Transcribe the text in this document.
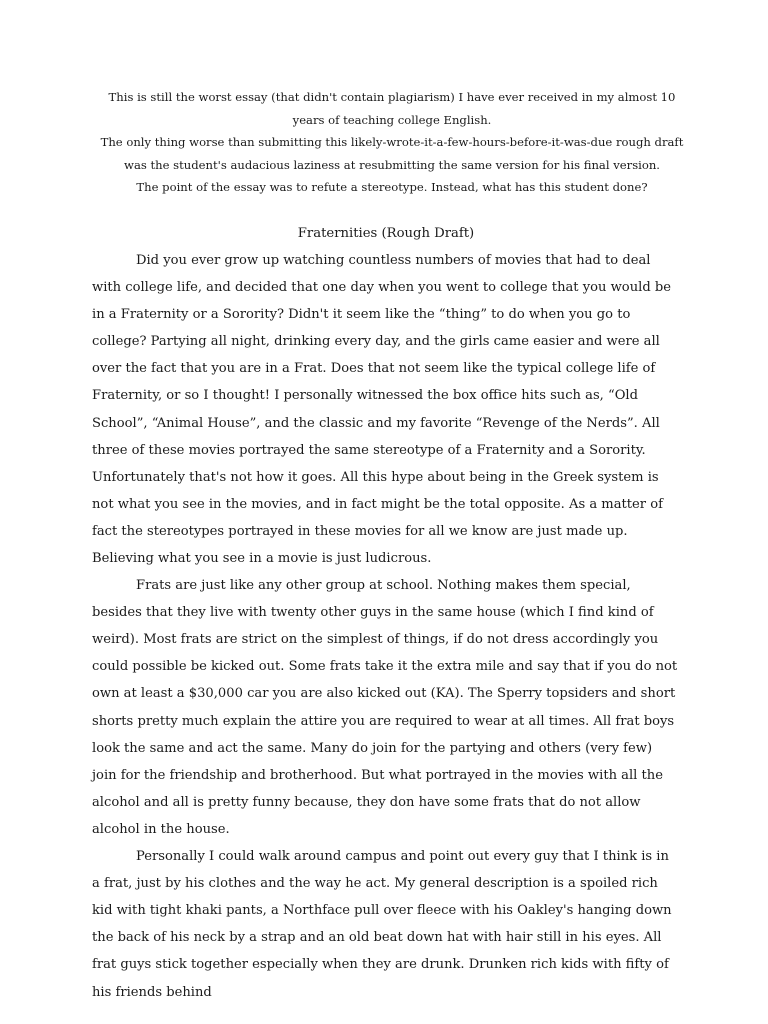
This is still the worst essay (that didn't contain plagiarism) I have ever received in my almost 10 years of teaching college English.

The only thing worse than submitting this likely-wrote-it-a-few-hours-before-it-was-due rough draft was the student's audacious laziness at resubmitting the same version for his final version.

The point of the essay was to refute a stereotype. Instead, what has this student done?

Fraternities (Rough Draft)

Did you ever grow up watching countless numbers of movies that had to deal with college life, and decided that one day when you went to college that you would be in a Fraternity or a Sorority? Didn't it seem like the “thing” to do when you go to college? Partying all night, drinking every day, and the girls came easier and were all over the fact that you are in a Frat. Does that not seem like the typical college life of Fraternity, or so I thought! I personally witnessed the box office hits such as, “Old School”, “Animal House”, and the classic and my favorite “Revenge of the Nerds”. All three of these movies portrayed the same stereotype of a Fraternity and a Sorority. Unfortunately that's not how it goes. All this hype about being in the Greek system is not what you see in the movies, and in fact might be the total opposite. As a matter of fact the stereotypes portrayed in these movies for all we know are just made up. Believing what you see in a movie is just ludicrous.

Frats are just like any other group at school. Nothing makes them special, besides that they live with twenty other guys in the same house (which I find kind of weird). Most frats are strict on the simplest of things, if do not dress accordingly you could possible be kicked out. Some frats take it the extra mile and say that if you do not own at least a $30,000 car you are also kicked out (KA). The Sperry topsiders and short shorts pretty much explain the attire you are required to wear at all times. All frat boys look the same and act the same. Many do join for the partying and others (very few) join for the friendship and brotherhood. But what portrayed in the movies with all the alcohol and all is pretty funny because, they don have some frats that do not allow alcohol in the house.

Personally I could walk around campus and point out every guy that I think is in a frat, just by his clothes and the way he act. My general description is a spoiled rich kid with tight khaki pants, a Northface pull over fleece with his Oakley's hanging down the back of his neck by a strap and an old beat down hat with hair still in his eyes. All frat guys stick together especially when they are drunk. Drunken rich kids with fifty of his friends behind
